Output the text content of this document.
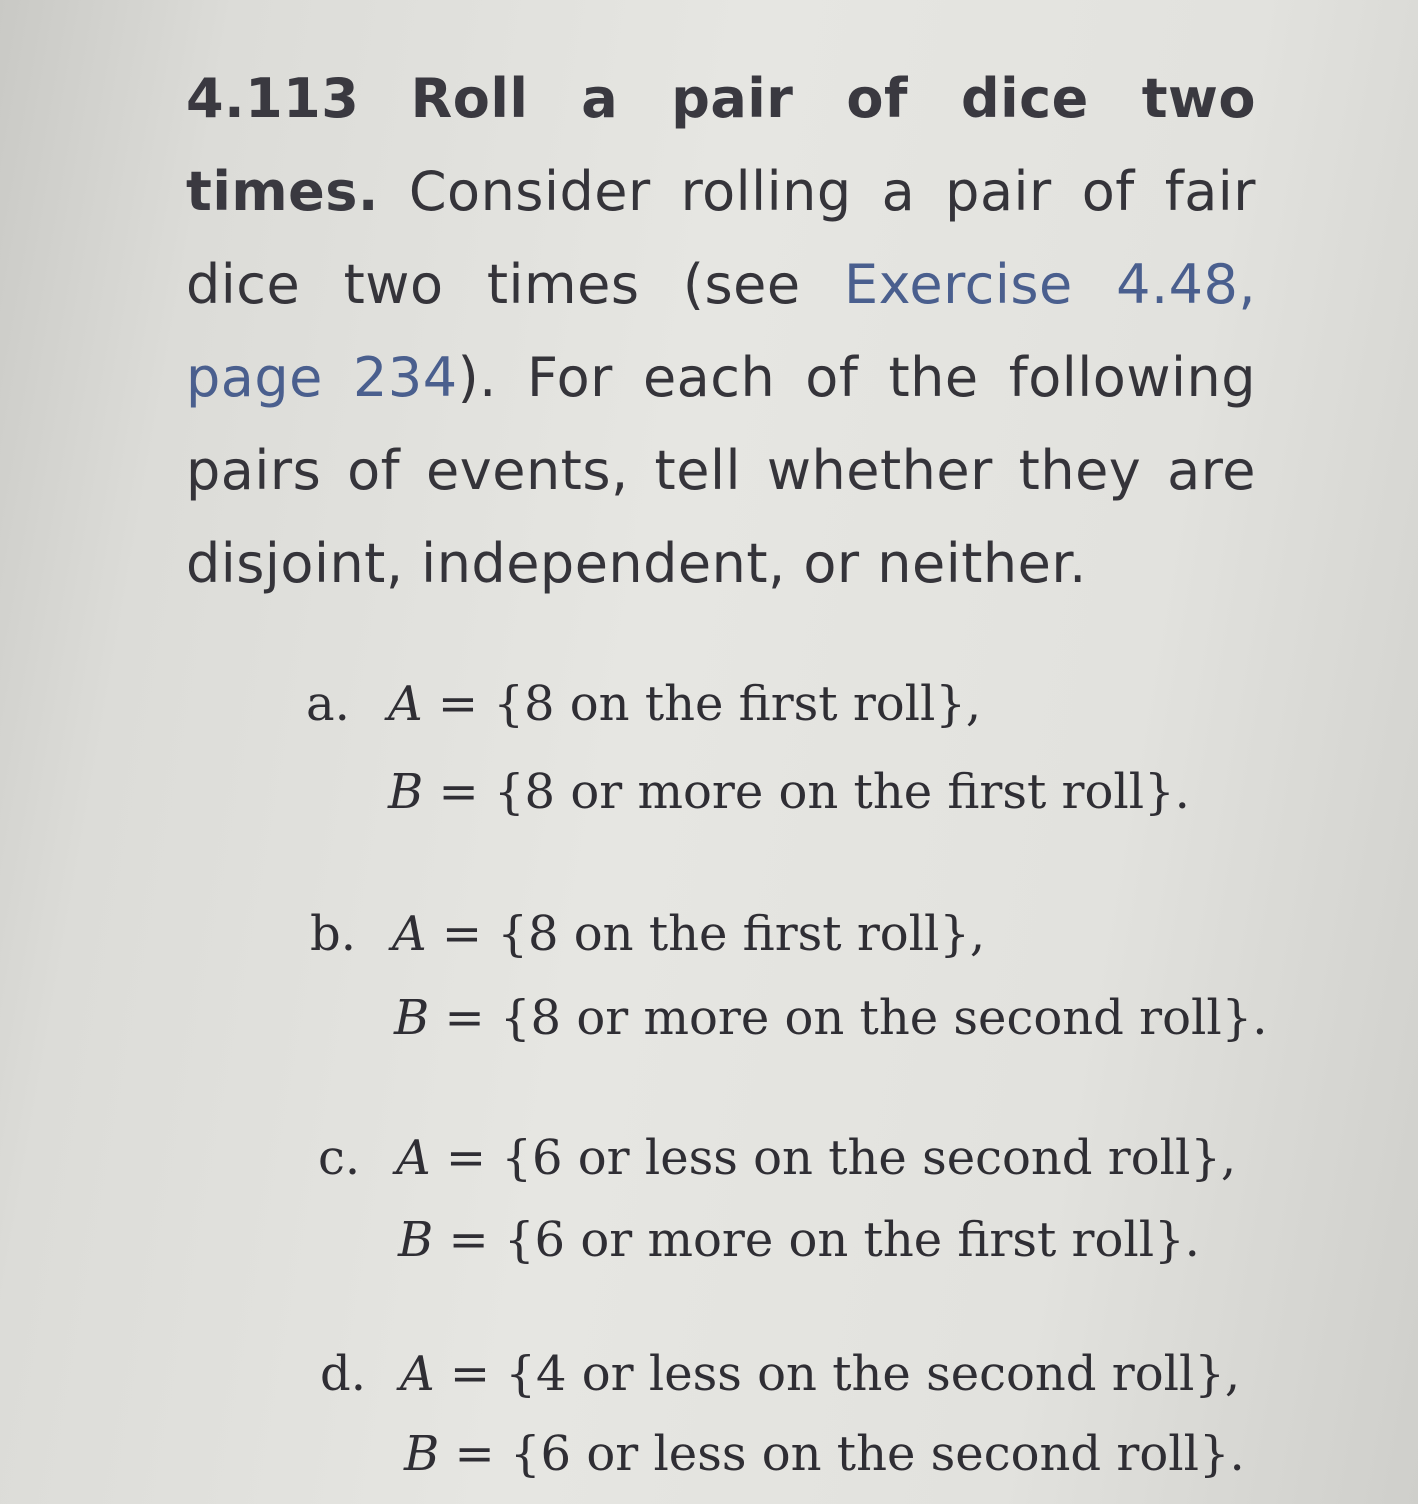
4.113 Roll a pair of dice two times. Consider rolling a pair of fair dice two times (see Exercise 4.48, page 234). For each of the following pairs of events, tell whether they are disjoint, independent, or neither.
a. A = {8 on the first roll},
B = {8 or more on the first roll}.
b. A = {8 on the first roll},
B = {8 or more on the second roll}.
c. A = {6 or less on the second roll},
B = {6 or more on the first roll}.
d. A = {4 or less on the second roll},
B = {6 or less on the second roll}.
